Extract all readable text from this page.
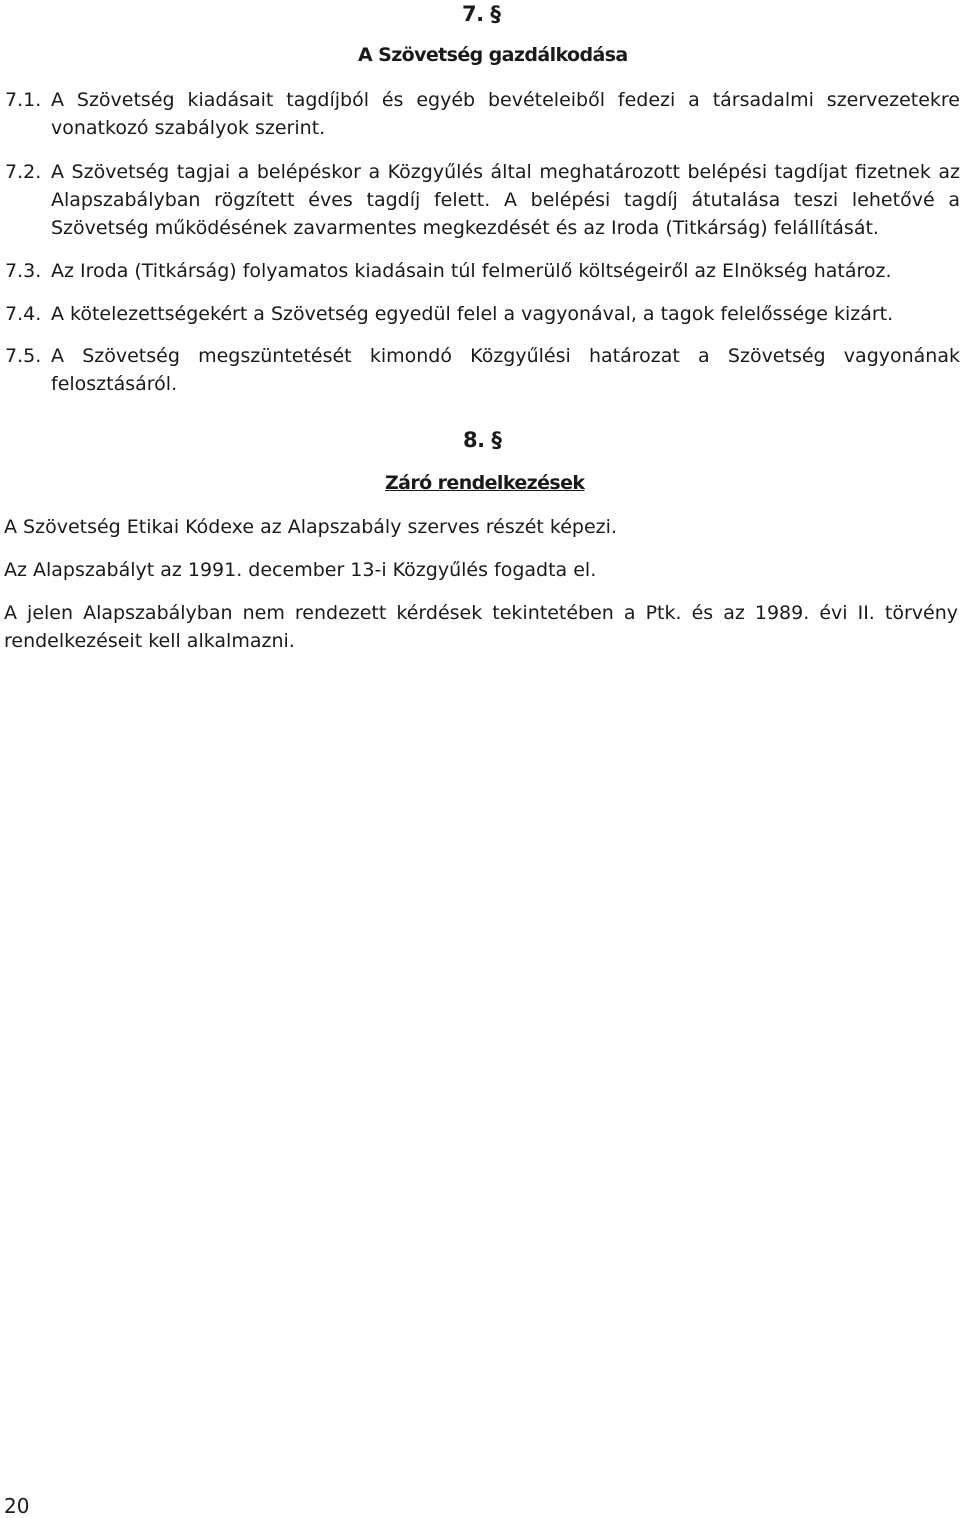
7. §
A Szövetség gazdálkodása
7.1. A Szövetség kiadásait tagdíjból és egyéb bevételeiből fedezi a társadalmi szervezetekre vonatkozó szabályok szerint.
7.2. A Szövetség tagjai a belépéskor a Közgyűlés által meghatározott belépési tagdíjat fizetnek az Alapszabályban rögzített éves tagdíj felett. A belépési tagdíj átutalása teszi lehetővé a Szövetség működésének zavarmentes megkezdését és az Iroda (Titkárság) felállítását.
7.3. Az Iroda (Titkárság) folyamatos kiadásain túl felmerülő költségeiről az Elnökség határoz.
7.4. A kötelezettségekért a Szövetség egyedül felel a vagyonával, a tagok felelőssége kizárt.
7.5. A Szövetség megszüntetését kimondó Közgyűlési határozat a Szövetség vagyonának felosztásáról.
8. §
Záró rendelkezések
A Szövetség Etikai Kódexe az Alapszabály szerves részét képezi.
Az Alapszabályt az 1991. december 13-i Közgyűlés fogadta el.
A jelen Alapszabályban nem rendezett kérdések tekintetében a Ptk. és az 1989. évi II. törvény rendelkezéseit kell alkalmazni.
20
